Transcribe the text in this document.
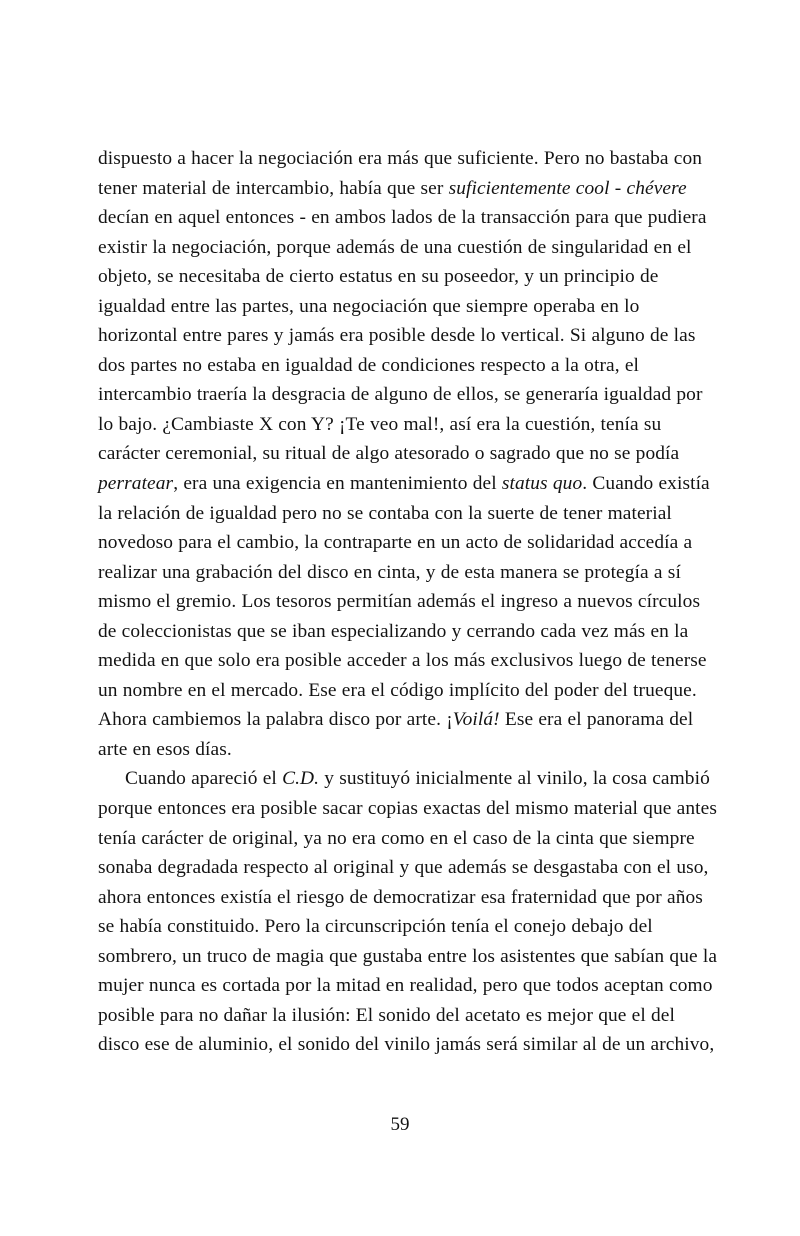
dispuesto a hacer la negociación era más que suficiente. Pero no bastaba con tener material de intercambio, había que ser suficientemente cool - chévere decían en aquel entonces - en ambos lados de la transacción para que pudiera existir la negociación, porque además de una cuestión de singularidad en el objeto, se necesitaba de cierto estatus en su poseedor, y un principio de igualdad entre las partes, una negociación que siempre operaba en lo horizontal entre pares y jamás era posible desde lo vertical. Si alguno de las dos partes no estaba en igualdad de condiciones respecto a la otra, el intercambio traería la desgracia de alguno de ellos, se generaría igualdad por lo bajo. ¿Cambiaste X con Y? ¡Te veo mal!, así era la cuestión, tenía su carácter ceremonial, su ritual de algo atesorado o sagrado que no se podía perratear, era una exigencia en mantenimiento del status quo. Cuando existía la relación de igualdad pero no se contaba con la suerte de tener material novedoso para el cambio, la contraparte en un acto de solidaridad accedía a realizar una grabación del disco en cinta, y de esta manera se protegía a sí mismo el gremio. Los tesoros permitían además el ingreso a nuevos círculos de coleccionistas que se iban especializando y cerrando cada vez más en la medida en que solo era posible acceder a los más exclusivos luego de tenerse un nombre en el mercado. Ese era el código implícito del poder del trueque. Ahora cambiemos la palabra disco por arte. ¡Voilá! Ese era el panorama del arte en esos días.

Cuando apareció el C.D. y sustituyó inicialmente al vinilo, la cosa cambió porque entonces era posible sacar copias exactas del mismo material que antes tenía carácter de original, ya no era como en el caso de la cinta que siempre sonaba degradada respecto al original y que además se desgastaba con el uso, ahora entonces existía el riesgo de democratizar esa fraternidad que por años se había constituido. Pero la circunscripción tenía el conejo debajo del sombrero, un truco de magia que gustaba entre los asistentes que sabían que la mujer nunca es cortada por la mitad en realidad, pero que todos aceptan como posible para no dañar la ilusión: El sonido del acetato es mejor que el del disco ese de aluminio, el sonido del vinilo jamás será similar al de un archivo,

59
